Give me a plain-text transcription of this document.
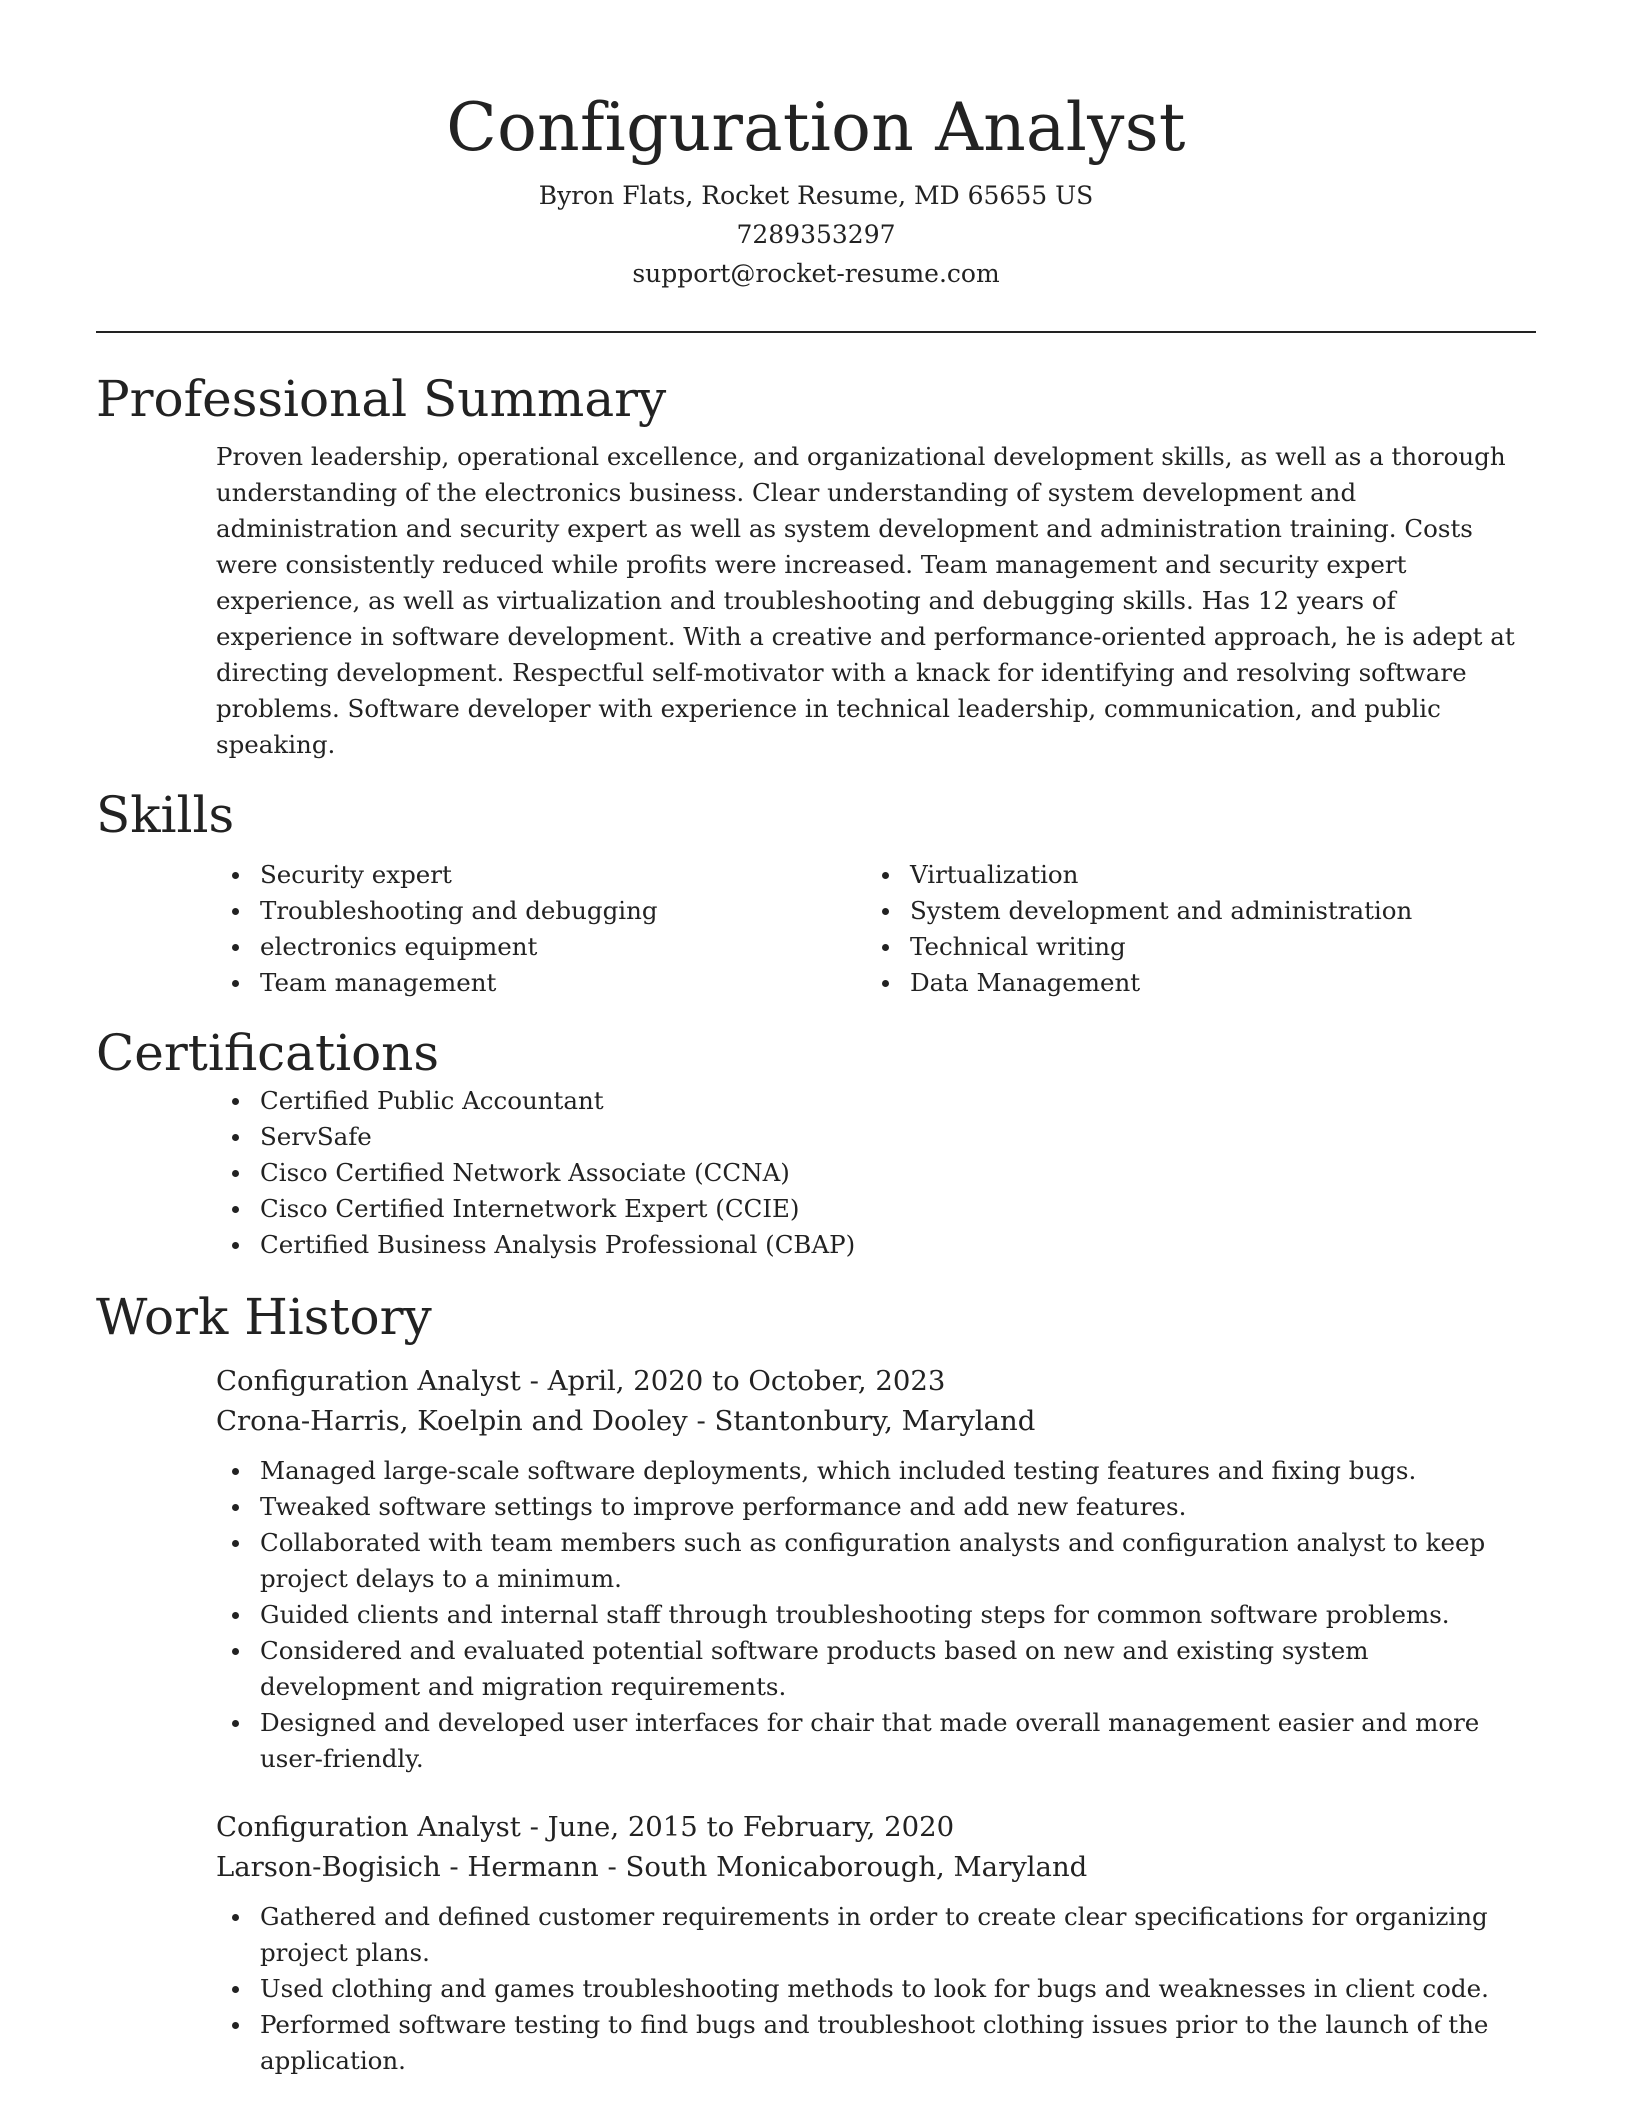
Configuration Analyst

Byron Flats, Rocket Resume, MD 65655 US

7289353297

support@rocket-resume.com

Professional Summary

Proven leadership, operational excellence, and organizational development skills, as well as a thorough understanding of the electronics business. Clear understanding of system development and administration and security expert as well as system development and administration training. Costs were consistently reduced while profits were increased. Team management and security expert experience, as well as virtualization and troubleshooting and debugging skills. Has 12 years of experience in software development. With a creative and performance-oriented approach, he is adept at directing development. Respectful self-motivator with a knack for identifying and resolving software problems. Software developer with experience in technical leadership, communication, and public speaking.

Skills
Security expert
Troubleshooting and debugging
electronics equipment
Team management
Virtualization
System development and administration
Technical writing
Data Management
Certifications
Certified Public Accountant
ServSafe
Cisco Certified Network Associate (CCNA)
Cisco Certified Internetwork Expert (CCIE)
Certified Business Analysis Professional (CBAP)
Work History

Configuration Analyst - April, 2020 to October, 2023

Crona-Harris, Koelpin and Dooley - Stantonbury, Maryland

Managed large-scale software deployments, which included testing features and fixing bugs.
Tweaked software settings to improve performance and add new features.
Collaborated with team members such as configuration analysts and configuration analyst to keep project delays to a minimum.
Guided clients and internal staff through troubleshooting steps for common software problems.
Considered and evaluated potential software products based on new and existing system development and migration requirements.
Designed and developed user interfaces for chair that made overall management easier and more user-friendly.

Configuration Analyst - June, 2015 to February, 2020

Larson-Bogisich - Hermann - South Monicaborough, Maryland

Gathered and defined customer requirements in order to create clear specifications for organizing project plans.
Used clothing and games troubleshooting methods to look for bugs and weaknesses in client code.
Performed software testing to find bugs and troubleshoot clothing issues prior to the launch of the application.
